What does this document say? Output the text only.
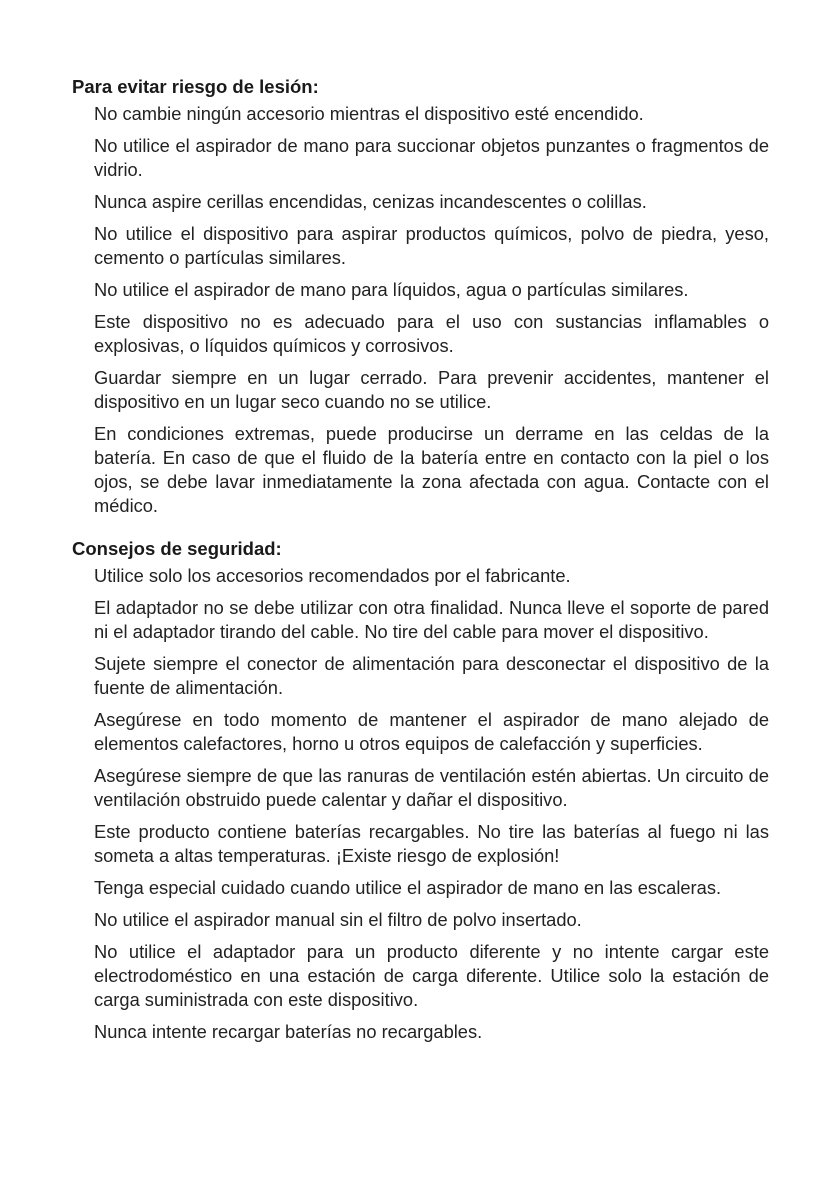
Para evitar riesgo de lesión:
No cambie ningún accesorio mientras el dispositivo esté encendido.
No utilice el aspirador de mano para succionar objetos punzantes o fragmentos de vidrio.
Nunca aspire cerillas encendidas, cenizas incandescentes o colillas.
No utilice el dispositivo para aspirar productos químicos, polvo de piedra, yeso, cemento o partículas similares.
No utilice el aspirador de mano para líquidos, agua o partículas similares.
Este dispositivo no es adecuado para el uso con sustancias inflamables o explosivas, o líquidos químicos y corrosivos.
Guardar siempre en un lugar cerrado. Para prevenir accidentes, mantener el dispositivo en un lugar seco cuando no se utilice.
En condiciones extremas, puede producirse un derrame en las celdas de la batería. En caso de que el fluido de la batería entre en contacto con la piel o los ojos, se debe lavar inmediatamente la zona afectada con agua. Contacte con el médico.
Consejos de seguridad:
Utilice solo los accesorios recomendados por el fabricante.
El adaptador no se debe utilizar con otra finalidad. Nunca lleve el soporte de pared ni el adaptador tirando del cable. No tire del cable para mover el dispositivo.
Sujete siempre el conector de alimentación para desconectar el dispositivo de la fuente de alimentación.
Asegúrese en todo momento de mantener el aspirador de mano alejado de elementos calefactores, horno u otros equipos de calefacción y superficies.
Asegúrese siempre de que las ranuras de ventilación estén abiertas. Un circuito de ventilación obstruido puede calentar y dañar el dispositivo.
Este producto contiene baterías recargables. No tire las baterías al fuego ni las someta a altas temperaturas. ¡Existe riesgo de explosión!
Tenga especial cuidado cuando utilice el aspirador de mano en las escaleras.
No utilice el aspirador manual sin el filtro de polvo insertado.
No utilice el adaptador para un producto diferente y no intente cargar este electrodoméstico en una estación de carga diferente. Utilice solo la estación de carga suministrada con este dispositivo.
Nunca intente recargar baterías no recargables.
